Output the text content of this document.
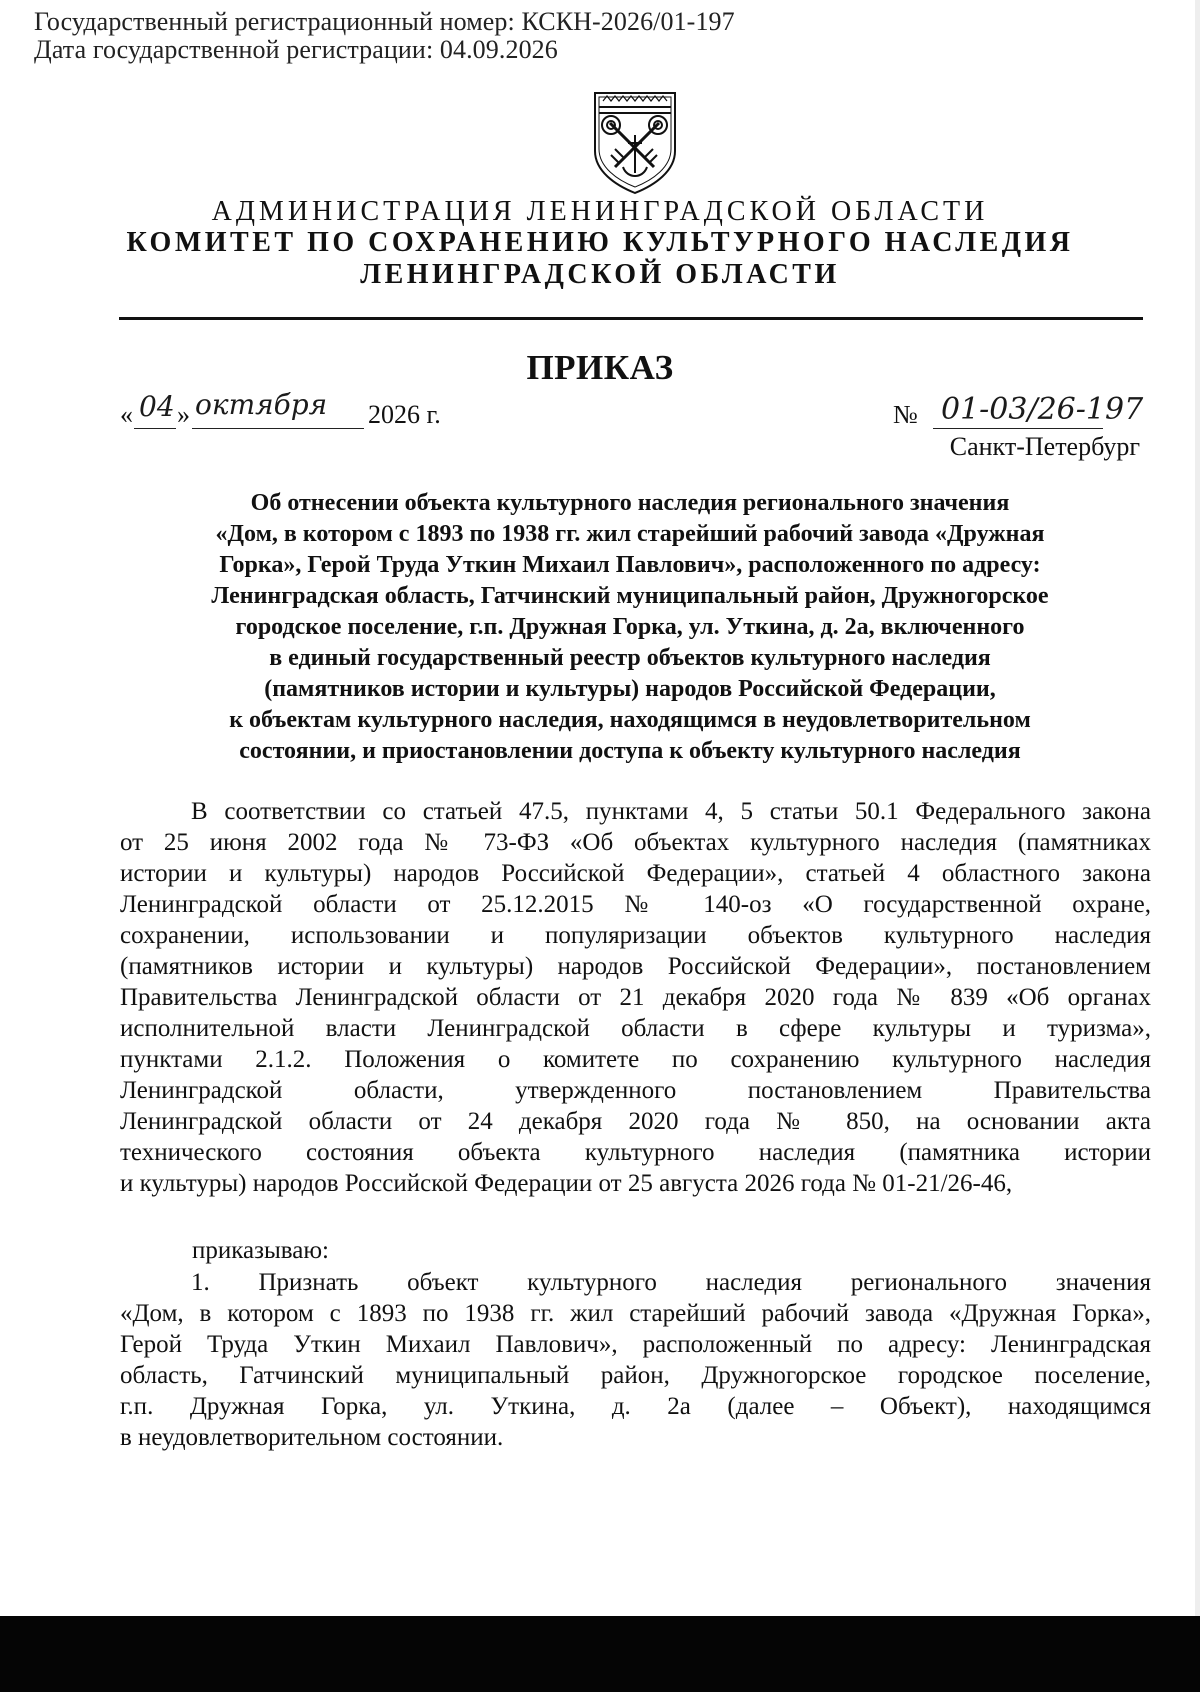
Государственный регистрационный номер: КСКН-2026/01-197
Дата государственной регистрации: 04.09.2026
АДМИНИСТРАЦИЯ ЛЕНИНГРАДСКОЙ ОБЛАСТИ
КОМИТЕТ ПО СОХРАНЕНИЮ КУЛЬТУРНОГО НАСЛЕДИЯ
ЛЕНИНГРАДСКОЙ ОБЛАСТИ
ПРИКАЗ
« 04 » октября 2026 г.	№ 01-03/26-197
Санкт-Петербург
Об отнесении объекта культурного наследия регионального значения
«Дом, в котором с 1893 по 1938 гг. жил старейший рабочий завода «Дружная
Горка», Герой Труда Уткин Михаил Павлович», расположенного по адресу:
Ленинградская область, Гатчинский муниципальный район, Дружногорское
городское поселение, г.п. Дружная Горка, ул. Уткина, д. 2а, включенного
в единый государственный реестр объектов культурного наследия
(памятников истории и культуры) народов Российской Федерации,
к объектам культурного наследия, находящимся в неудовлетворительном
состоянии, и приостановлении доступа к объекту культурного наследия
В соответствии со статьей 47.5, пунктами 4, 5 статьи 50.1 Федерального закона
от 25 июня 2002 года № 73-ФЗ «Об объектах культурного наследия (памятниках
истории и культуры) народов Российской Федерации», статьей 4 областного закона
Ленинградской области от 25.12.2015 № 140-оз «О государственной охране,
сохранении, использовании и популяризации объектов культурного наследия
(памятников истории и культуры) народов Российской Федерации», постановлением
Правительства Ленинградской области от 21 декабря 2020 года № 839 «Об органах
исполнительной власти Ленинградской области в сфере культуры и туризма»,
пунктами 2.1.2. Положения о комитете по сохранению культурного наследия
Ленинградской области, утвержденного постановлением Правительства
Ленинградской области от 24 декабря 2020 года № 850, на основании акта
технического состояния объекта культурного наследия (памятника истории
и культуры) народов Российской Федерации от 25 августа 2026 года № 01-21/26-46,
приказываю:
1. Признать объект культурного наследия регионального значения
«Дом, в котором с 1893 по 1938 гг. жил старейший рабочий завода «Дружная Горка»,
Герой Труда Уткин Михаил Павлович», расположенный по адресу: Ленинградская
область, Гатчинский муниципальный район, Дружногорское городское поселение,
г.п. Дружная Горка, ул. Уткина, д. 2а (далее – Объект), находящимся
в неудовлетворительном состоянии.
